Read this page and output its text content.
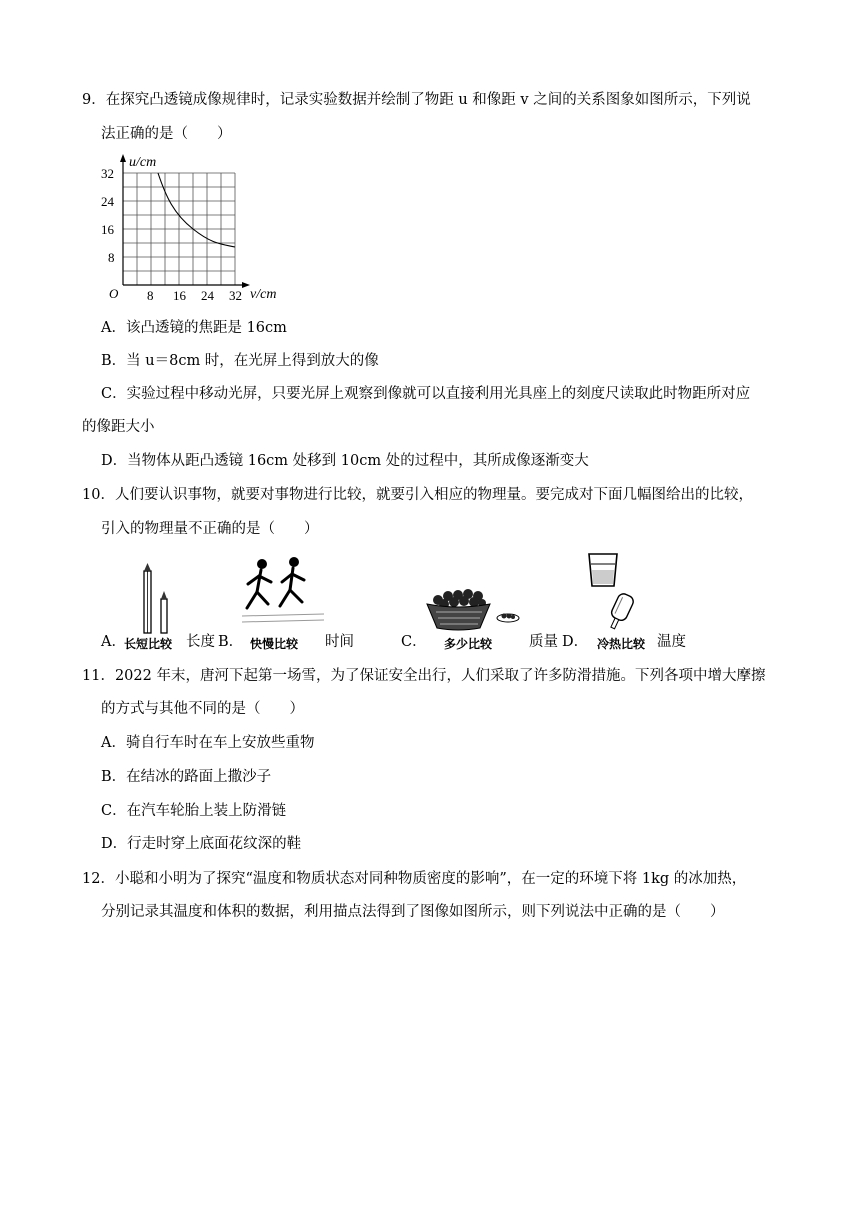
9．在探究凸透镜成像规律时，记录实验数据并绘制了物距 u 和像距 v 之间的关系图象如图所示，下列说
法正确的是（　　）
u/cm
32
24
16
8
O 8 16 24 32 v/cm
A．该凸透镜的焦距是 16cm
B．当 u＝8cm 时，在光屏上得到放大的像
C．实验过程中移动光屏，只要光屏上观察到像就可以直接利用光具座上的刻度尺读取此时物距所对应
的像距大小
D．当物体从距凸透镜 16cm 处移到 10cm 处的过程中，其所成像逐渐变大
10．人们要认识事物，就要对事物进行比较，就要引入相应的物理量。要完成对下面几幅图给出的比较，
引入的物理量不正确的是（　　）
A．
长短比较 长度 B． 快慢比较 时间	C． 多少比较	质量 D． 冷热比较 温度
11．2022 年末，唐河下起第一场雪，为了保证安全出行，人们采取了许多防滑措施。下列各项中增大摩擦
的方式与其他不同的是（　　）
A．骑自行车时在车上安放些重物
B．在结冰的路面上撒沙子
C．在汽车轮胎上装上防滑链
D．行走时穿上底面花纹深的鞋
12．小聪和小明为了探究“温度和物质状态对同种物质密度的影响”，在一定的环境下将 1kg 的冰加热，
分别记录其温度和体积的数据，利用描点法得到了图像如图所示，则下列说法中正确的是（　　）
